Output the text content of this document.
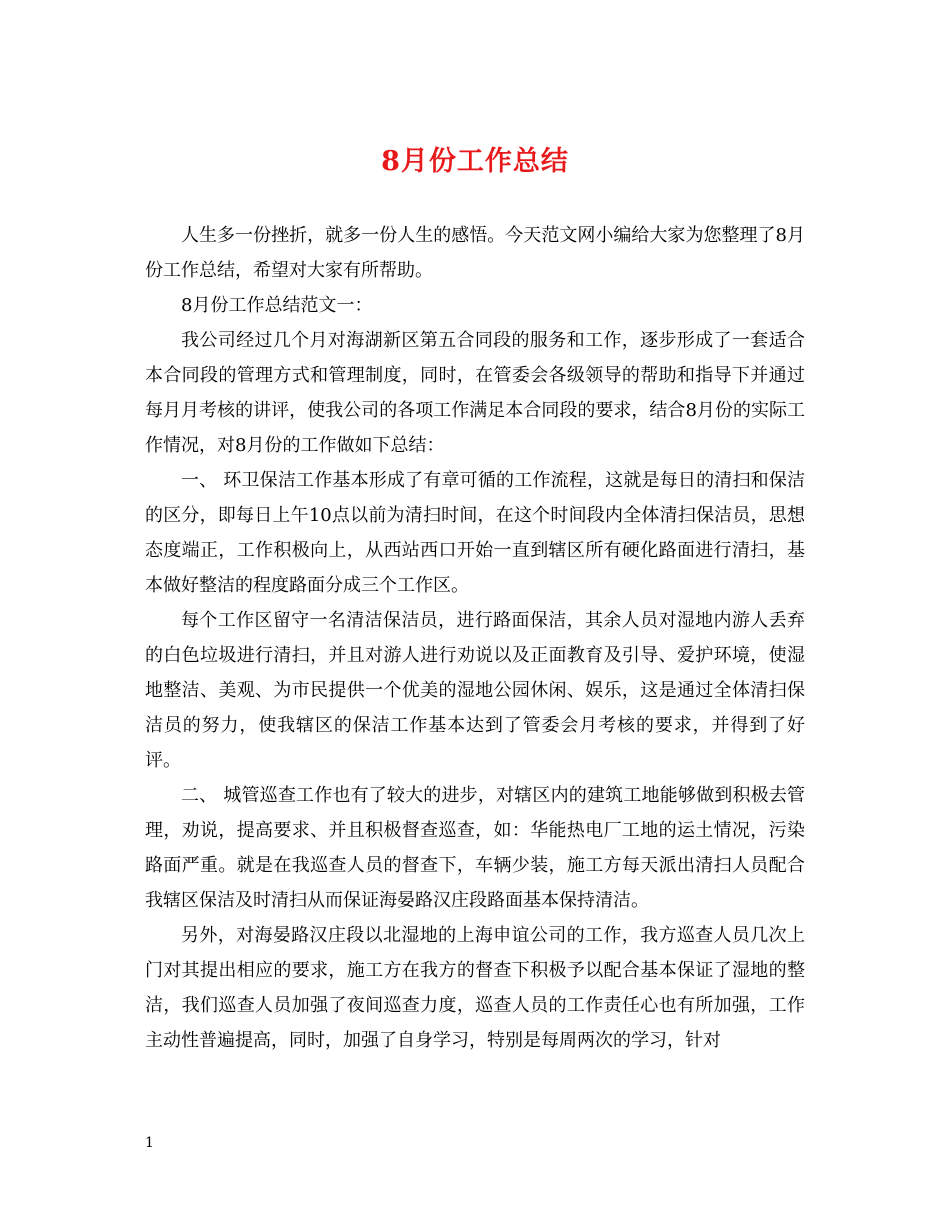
8月份工作总结

人生多一份挫折，就多一份人生的感悟。今天范文网小编给大家为您整理了8月份工作总结，希望对大家有所帮助。

8月份工作总结范文一：

我公司经过几个月对海湖新区第五合同段的服务和工作，逐步形成了一套适合本合同段的管理方式和管理制度，同时，在管委会各级领导的帮助和指导下并通过每月月考核的讲评，使我公司的各项工作满足本合同段的要求，结合8月份的实际工作情况，对8月份的工作做如下总结：

一、 环卫保洁工作基本形成了有章可循的工作流程，这就是每日的清扫和保洁的区分，即每日上午10点以前为清扫时间，在这个时间段内全体清扫保洁员，思想态度端正，工作积极向上，从西站西口开始一直到辖区所有硬化路面进行清扫，基本做好整洁的程度路面分成三个工作区。

每个工作区留守一名清洁保洁员，进行路面保洁，其余人员对湿地内游人丢弃的白色垃圾进行清扫，并且对游人进行劝说以及正面教育及引导、爱护环境，使湿地整洁、美观、为市民提供一个优美的湿地公园休闲、娱乐，这是通过全体清扫保洁员的努力，使我辖区的保洁工作基本达到了管委会月考核的要求，并得到了好评。

二、 城管巡查工作也有了较大的进步，对辖区内的建筑工地能够做到积极去管理，劝说，提高要求、并且积极督查巡查，如：华能热电厂工地的运土情况，污染路面严重。就是在我巡查人员的督查下，车辆少装，施工方每天派出清扫人员配合我辖区保洁及时清扫从而保证海晏路汉庄段路面基本保持清洁。

另外，对海晏路汉庄段以北湿地的上海申谊公司的工作，我方巡查人员几次上门对其提出相应的要求，施工方在我方的督查下积极予以配合基本保证了湿地的整洁，我们巡查人员加强了夜间巡查力度，巡查人员的工作责任心也有所加强，工作主动性普遍提高，同时，加强了自身学习，特别是每周两次的学习，针对

1
